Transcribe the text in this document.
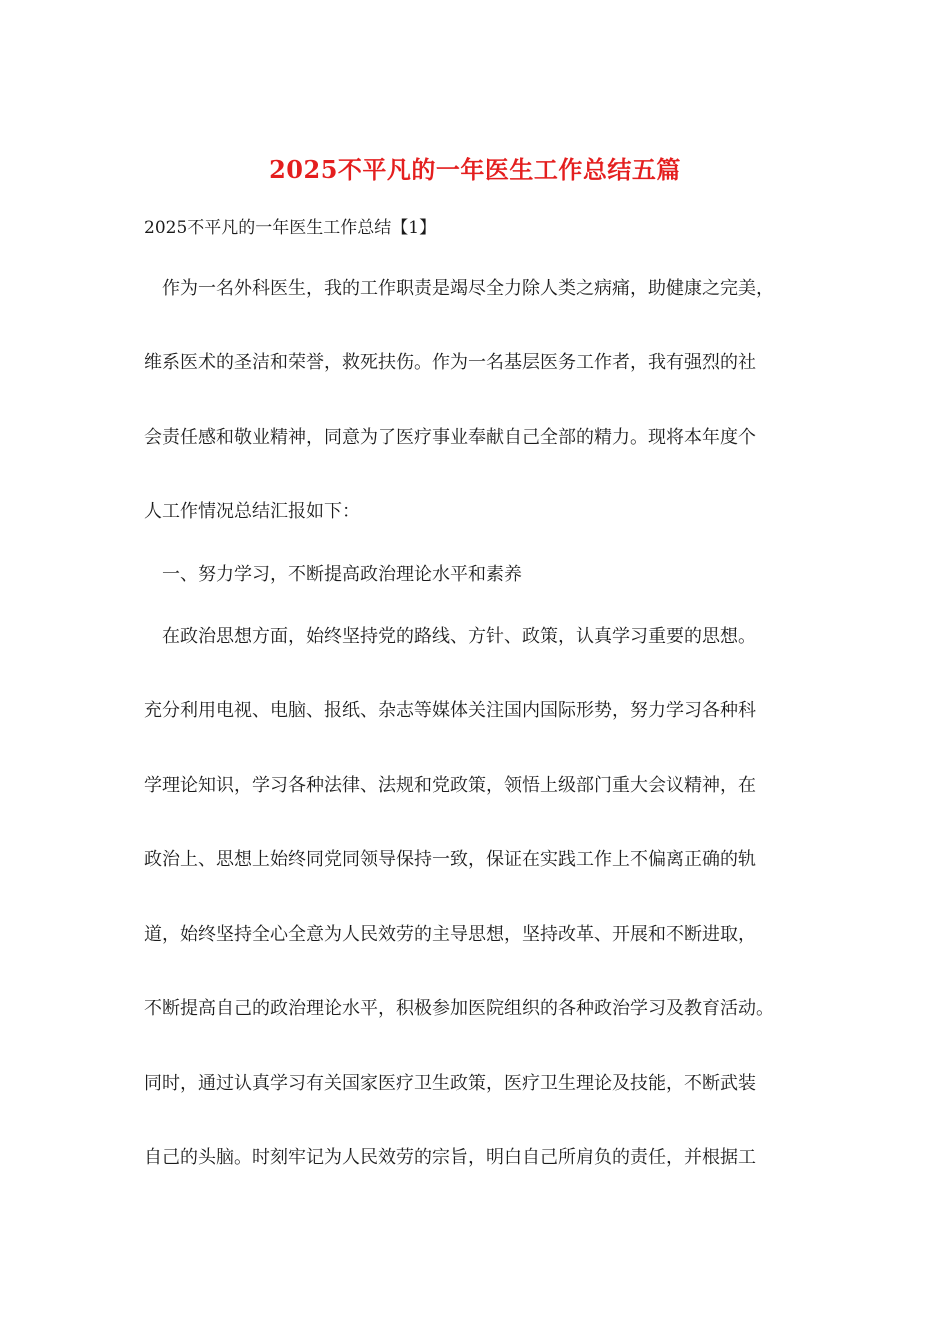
2025不平凡的一年医生工作总结五篇
2025不平凡的一年医生工作总结【1】
作为一名外科医生，我的工作职责是竭尽全力除人类之病痛，助健康之完美，
维系医术的圣洁和荣誉，救死扶伤。作为一名基层医务工作者，我有强烈的社
会责任感和敬业精神，同意为了医疗事业奉献自己全部的精力。现将本年度个
人工作情况总结汇报如下：
一、努力学习，不断提高政治理论水平和素养
在政治思想方面，始终坚持党的路线、方针、政策，认真学习重要的思想。
充分利用电视、电脑、报纸、杂志等媒体关注国内国际形势，努力学习各种科
学理论知识，学习各种法律、法规和党政策，领悟上级部门重大会议精神，在
政治上、思想上始终同党同领导保持一致，保证在实践工作上不偏离正确的轨
道，始终坚持全心全意为人民效劳的主导思想，坚持改革、开展和不断进取，
不断提高自己的政治理论水平，积极参加医院组织的各种政治学习及教育活动。
同时，通过认真学习有关国家医疗卫生政策，医疗卫生理论及技能，不断武装
自己的头脑。时刻牢记为人民效劳的宗旨，明白自己所肩负的责任，并根据工
